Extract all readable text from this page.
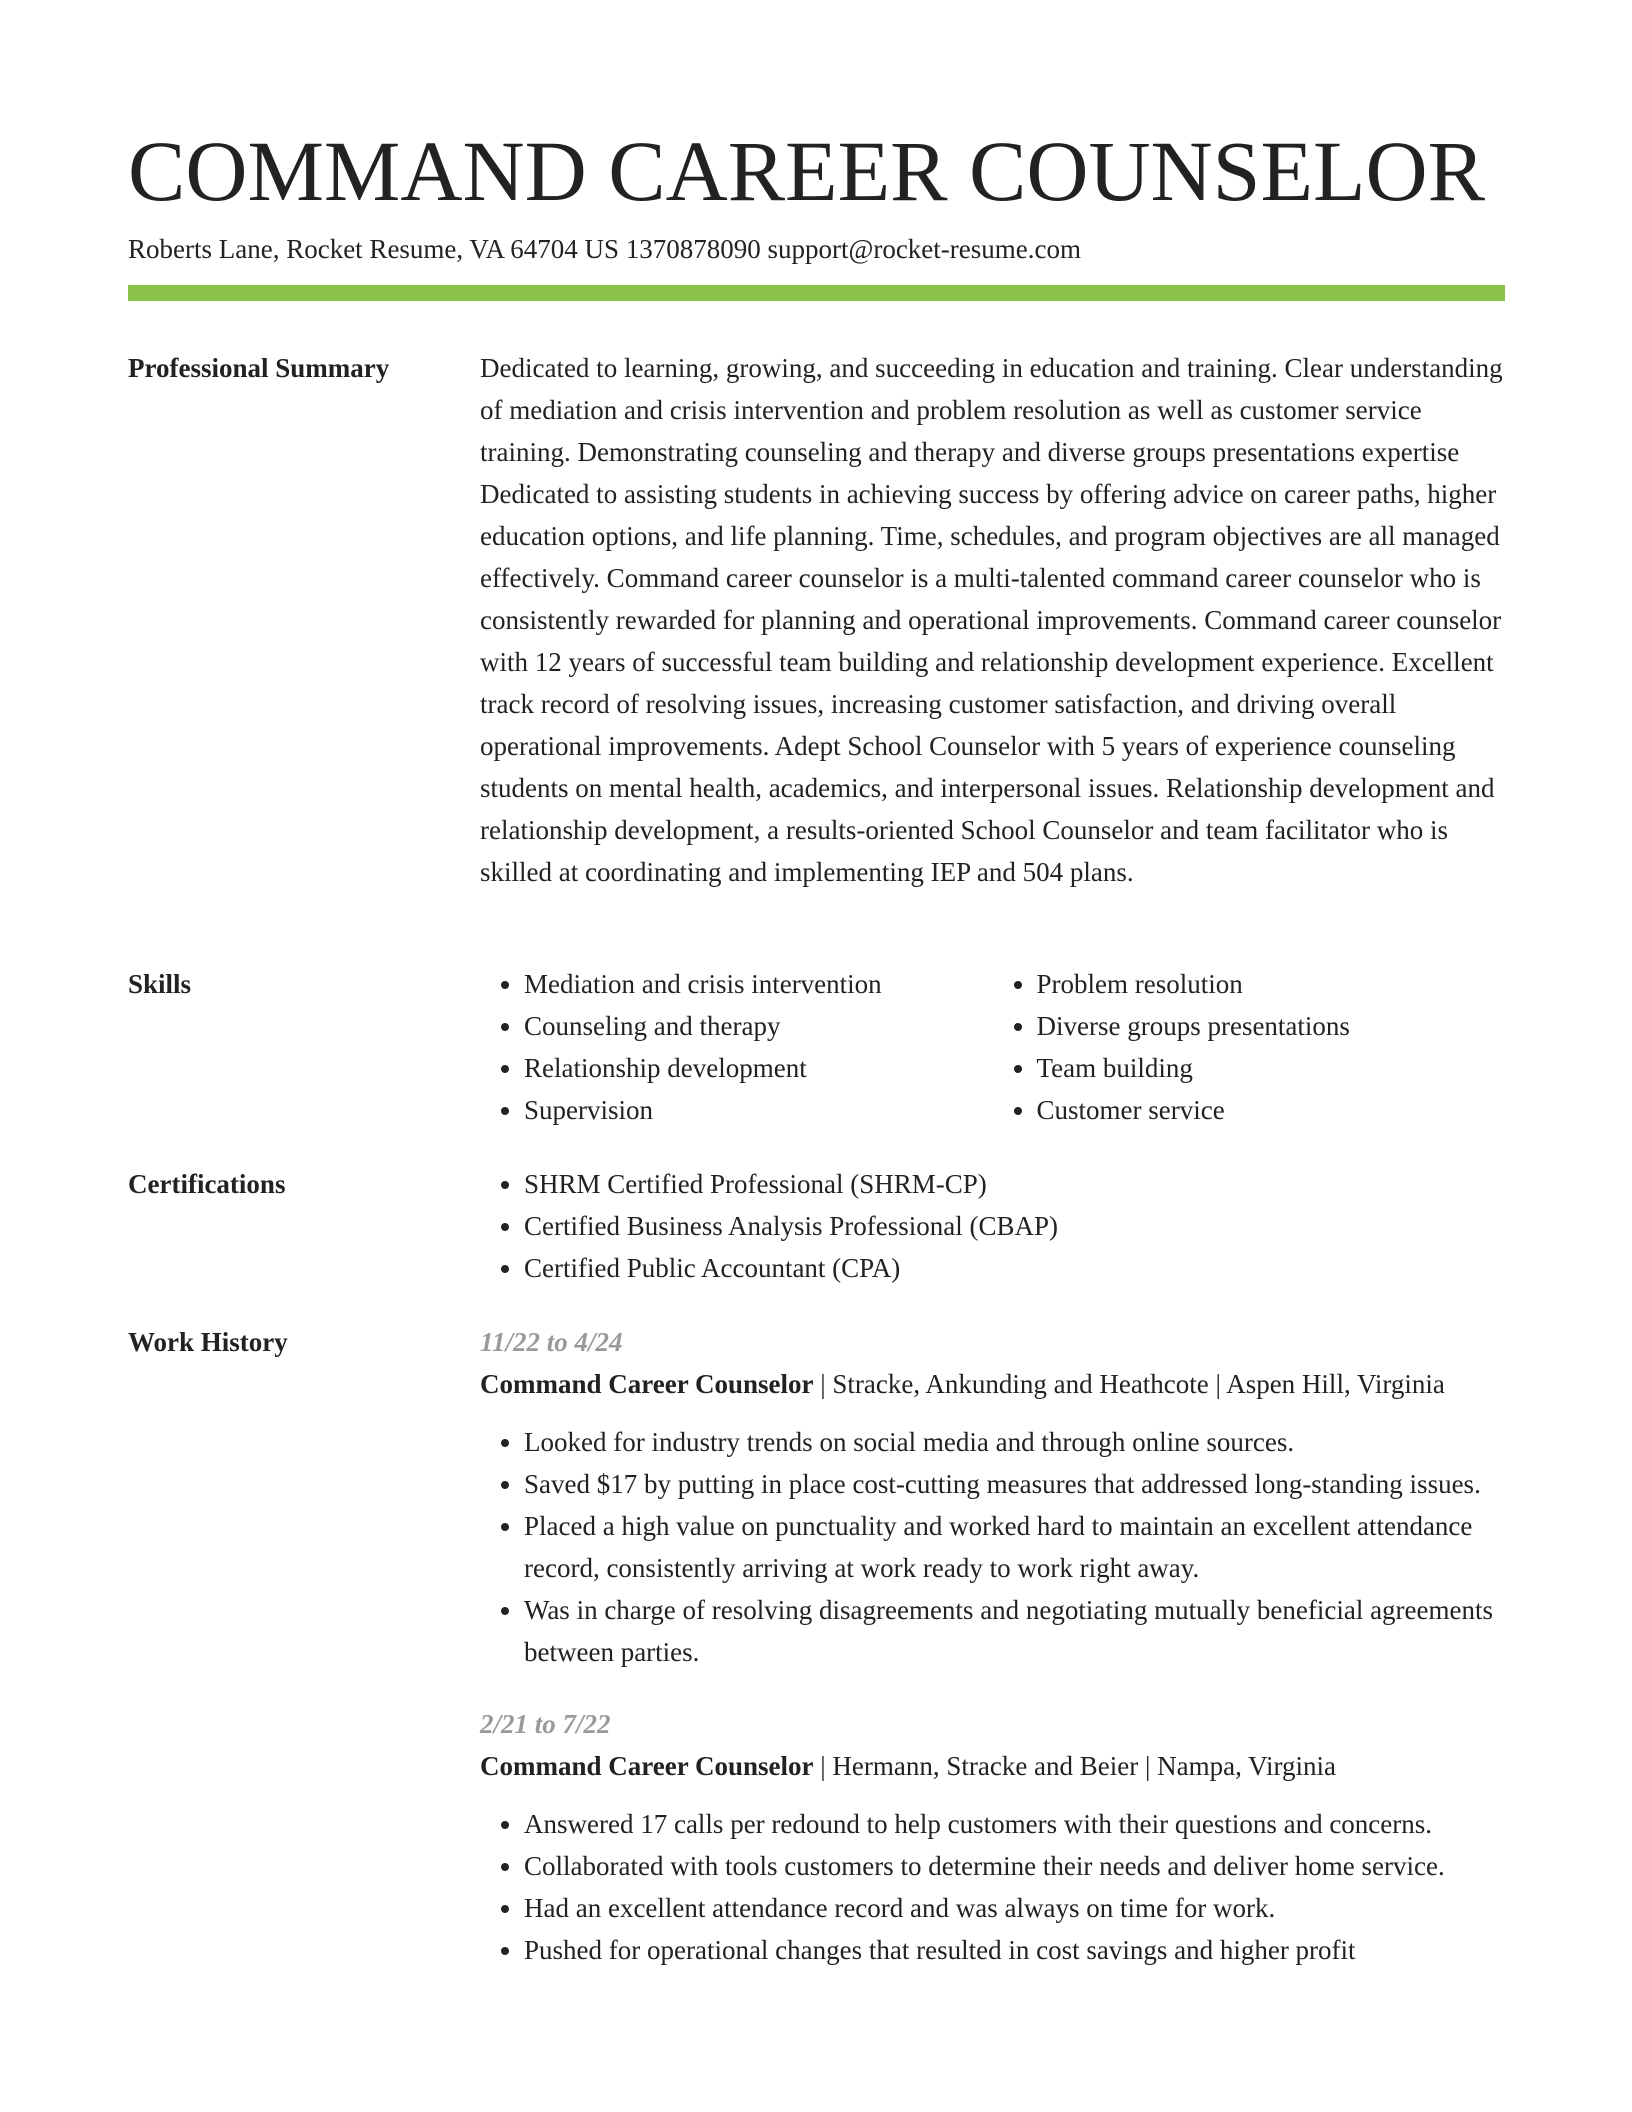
COMMAND CAREER COUNSELOR
Roberts Lane, Rocket Resume, VA 64704 US 1370878090 support@rocket-resume.com
Professional Summary	Dedicated to learning, growing, and succeeding in education and training. Clear understanding of mediation and crisis intervention and problem resolution as well as customer service training. Demonstrating counseling and therapy and diverse groups presentations expertise Dedicated to assisting students in achieving success by offering advice on career paths, higher education options, and life planning. Time, schedules, and program objectives are all managed effectively. Command career counselor is a multi-talented command career counselor who is consistently rewarded for planning and operational improvements. Command career counselor with 12 years of successful team building and relationship development experience. Excellent track record of resolving issues, increasing customer satisfaction, and driving overall operational improvements. Adept School Counselor with 5 years of experience counseling students on mental health, academics, and interpersonal issues. Relationship development and relationship development, a results-oriented School Counselor and team facilitator who is skilled at coordinating and implementing IEP and 504 plans.
Skills	• Mediation and crisis intervention
• Counseling and therapy
• Relationship development
• Supervision
• Problem resolution
• Diverse groups presentations
• Team building
• Customer service
Certifications	• SHRM Certified Professional (SHRM-CP)
• Certified Business Analysis Professional (CBAP)
• Certified Public Accountant (CPA)
Work History	11/22 to 4/24
Command Career Counselor | Stracke, Ankunding and Heathcote | Aspen Hill, Virginia
• Looked for industry trends on social media and through online sources.
• Saved $17 by putting in place cost-cutting measures that addressed long-standing issues.
• Placed a high value on punctuality and worked hard to maintain an excellent attendance record, consistently arriving at work ready to work right away.
• Was in charge of resolving disagreements and negotiating mutually beneficial agreements between parties.
2/21 to 7/22
Command Career Counselor | Hermann, Stracke and Beier | Nampa, Virginia
• Answered 17 calls per redound to help customers with their questions and concerns.
• Collaborated with tools customers to determine their needs and deliver home service.
• Had an excellent attendance record and was always on time for work.
• Pushed for operational changes that resulted in cost savings and higher profit
